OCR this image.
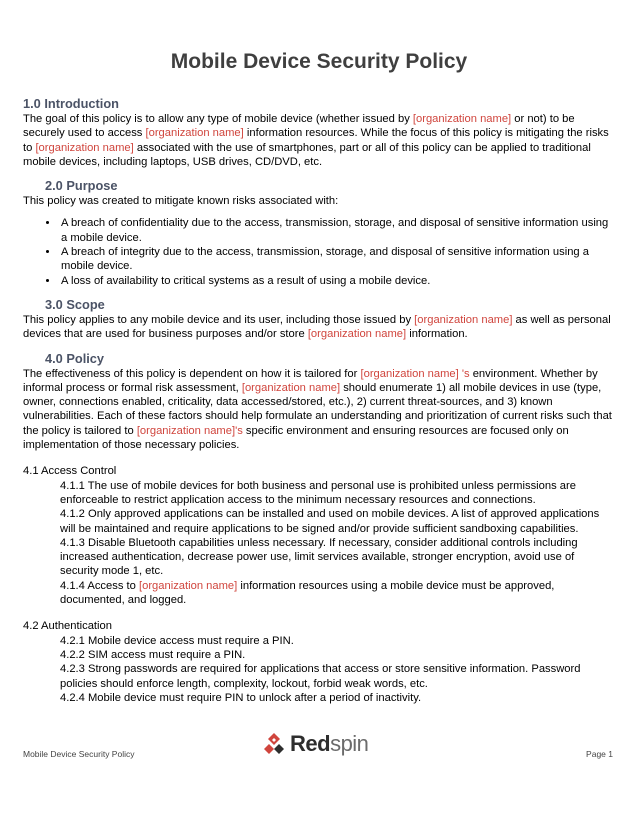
Mobile Device Security Policy
1.0 Introduction

The goal of this policy is to allow any type of mobile device (whether issued by [organization name] or not) to be securely used to access [organization name] information resources. While the focus of this policy is mitigating the risks to [organization name] associated with the use of smartphones, part or all of this policy can be applied to traditional mobile devices, including laptops, USB drives, CD/DVD, etc.

2.0 Purpose

This policy was created to mitigate known risks associated with:

• A breach of confidentiality due to the access, transmission, storage, and disposal of sensitive information using a mobile device.
• A breach of integrity due to the access, transmission, storage, and disposal of sensitive information using a mobile device.
• A loss of availability to critical systems as a result of using a mobile device.
3.0 Scope

This policy applies to any mobile device and its user, including those issued by [organization name] as well as personal devices that are used for business purposes and/or store [organization name] information.

4.0 Policy

The effectiveness of this policy is dependent on how it is tailored for [organization name] 's environment. Whether by informal process or formal risk assessment, [organization name] should enumerate 1) all mobile devices in use (type, owner, connections enabled, criticality, data accessed/stored, etc.), 2) current threat-sources, and 3) known vulnerabilities. Each of these factors should help formulate an understanding and prioritization of current risks such that the policy is tailored to [organization name]'s specific environment and ensuring resources are focused only on implementation of those necessary policies.

4.1 Access Control

4.1.1 The use of mobile devices for both business and personal use is prohibited unless permissions are enforceable to restrict application access to the minimum necessary resources and connections.

4.1.2 Only approved applications can be installed and used on mobile devices. A list of approved applications will be maintained and require applications to be signed and/or provide sufficient sandboxing capabilities.

4.1.3 Disable Bluetooth capabilities unless necessary. If necessary, consider additional controls including increased authentication, decrease power use, limit services available, stronger encryption, avoid use of security mode 1, etc.

4.1.4 Access to [organization name] information resources using a mobile device must be approved, documented, and logged.

4.2 Authentication

4.2.1 Mobile device access must require a PIN.

4.2.2 SIM access must require a PIN.

4.2.3 Strong passwords are required for applications that access or store sensitive information. Password policies should enforce length, complexity, lockout, forbid weak words, etc.

4.2.4 Mobile device must require PIN to unlock after a period of inactivity.

Mobile Device Security Policy	Redspin	Page 1
